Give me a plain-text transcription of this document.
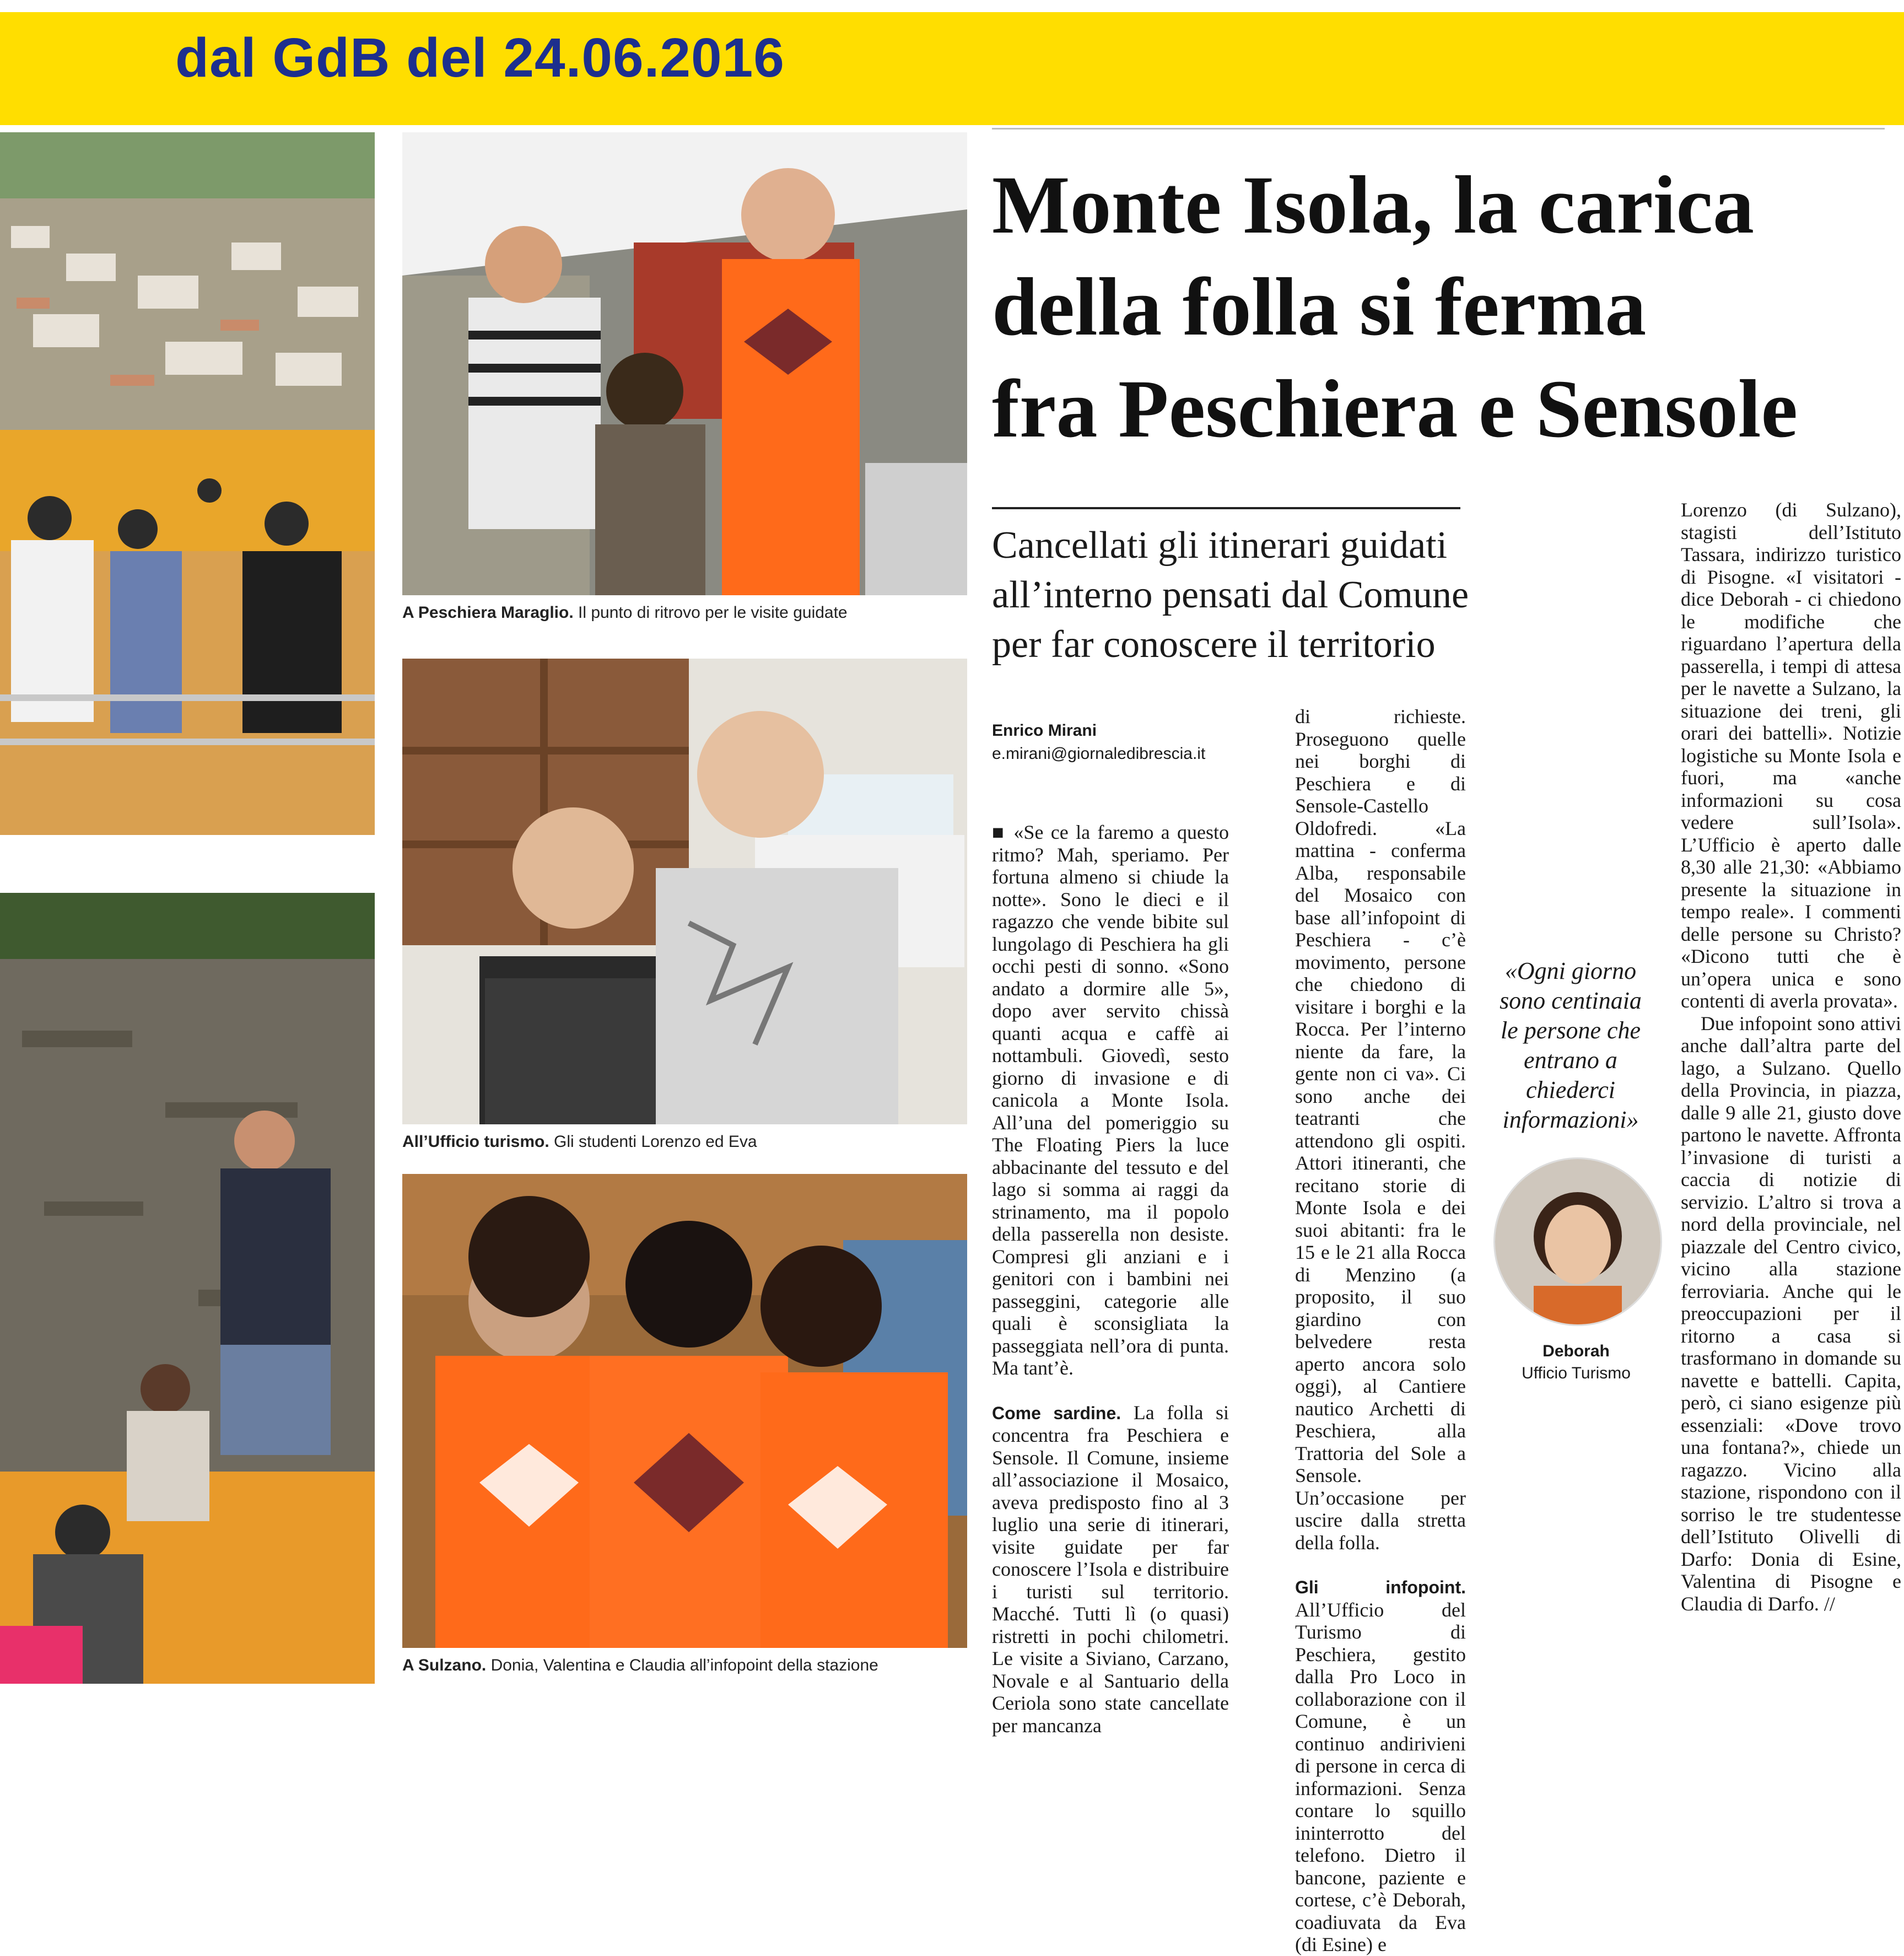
dal GdB del 24.06.2016
A Peschiera Maraglio. Il punto di ritrovo per le visite guidate
All’Ufficio turismo. Gli studenti Lorenzo ed Eva
A Sulzano. Donia, Valentina e Claudia all’infopoint della stazione
Monte Isola, la carica
della folla si ferma
fra Peschiera e Sensole
Cancellati gli itinerari guidati
all’interno pensati dal Comune
per far conoscere il territorio
Enrico Mirani
e.mirani@giornaledibrescia.it

■ «Se ce la faremo a questo ritmo? Mah, speriamo. Per fortuna almeno si chiude la notte». Sono le dieci e il ragazzo che vende bibite sul lungolago di Peschiera ha gli occhi pesti di sonno. «Sono andato a dormire alle 5», dopo aver servito chissà quanti acqua e caffè ai nottambuli. Giovedì, sesto giorno di invasione e di canicola a Monte Isola. All’una del pomeriggio su The Floating Piers la luce abbacinante del tessuto e del lago si somma ai raggi da strinamento, ma il popolo della passerella non desiste. Compresi gli anziani e i genitori con i bambini nei passeggini, categorie alle quali è sconsigliata la passeggiata nell’ora di punta. Ma tant’è.

Come sardine. La folla si concentra fra Peschiera e Sensole. Il Comune, insieme all’associazione il Mosaico, aveva predisposto fino al 3 luglio una serie di itinerari, visite guidate per far conoscere l’Isola e distribuire i turisti sul territorio. Macché. Tutti lì (o quasi) ristretti in pochi chilometri. Le visite a Siviano, Carzano, Novale e al Santuario della Ceriola sono state cancellate per mancanza

di richieste. Proseguono quelle nei borghi di Peschiera e di Sensole-Castello Oldofredi. «La mattina - conferma Alba, responsabile del Mosaico con base all’infopoint di Peschiera - c’è movimento, persone che chiedono di visitare i borghi e la Rocca. Per l’interno niente da fare, la gente non ci va». Ci sono anche dei teatranti che attendono gli ospiti. Attori itineranti, che recitano storie di Monte Isola e dei suoi abitanti: fra le 15 e le 21 alla Rocca di Menzino (a proposito, il suo giardino con belvedere resta aperto ancora solo oggi), al Cantiere nautico Archetti di Peschiera, alla Trattoria del Sole a Sensole. Un’occasione per uscire dalla stretta della folla.

Gli infopoint. All’Ufficio del Turismo di Peschiera, gestito dalla Pro Loco in collaborazione con il Comune, è un continuo andirivieni di persone in cerca di informazioni. Senza contare lo squillo ininterrotto del telefono. Dietro il bancone, paziente e cortese, c’è Deborah, coadiuvata da Eva (di Esine) e

«Ogni giorno sono centinaia le persone che entrano a chiederci informazioni»
Deborah
Ufficio Turismo

Lorenzo (di Sulzano), stagisti dell’Istituto Tassara, indirizzo turistico di Pisogne. «I visitatori - dice Deborah - ci chiedono le modifiche che riguardano l’apertura della passerella, i tempi di attesa per le navette a Sulzano, la situazione dei treni, gli orari dei battelli». Notizie logistiche su Monte Isola e fuori, ma «anche informazioni su cosa vedere sull’Isola». L’Ufficio è aperto dalle 8,30 alle 21,30: «Abbiamo presente la situazione in tempo reale». I commenti delle persone su Christo? «Dicono tutti che è un’opera unica e sono contenti di averla provata».

Due infopoint sono attivi anche dall’altra parte del lago, a Sulzano. Quello della Provincia, in piazza, dalle 9 alle 21, giusto dove partono le navette. Affronta l’invasione di turisti a caccia di notizie di servizio. L’altro si trova a nord della provinciale, nel piazzale del Centro civico, vicino alla stazione ferroviaria. Anche qui le preoccupazioni per il ritorno a casa si trasformano in domande su navette e battelli. Capita, però, ci siano esigenze più essenziali: «Dove trovo una fontana?», chiede un ragazzo. Vicino alla stazione, rispondono con il sorriso le tre studentesse dell’Istituto Olivelli di Darfo: Donia di Esine, Valentina di Pisogne e Claudia di Darfo. //
